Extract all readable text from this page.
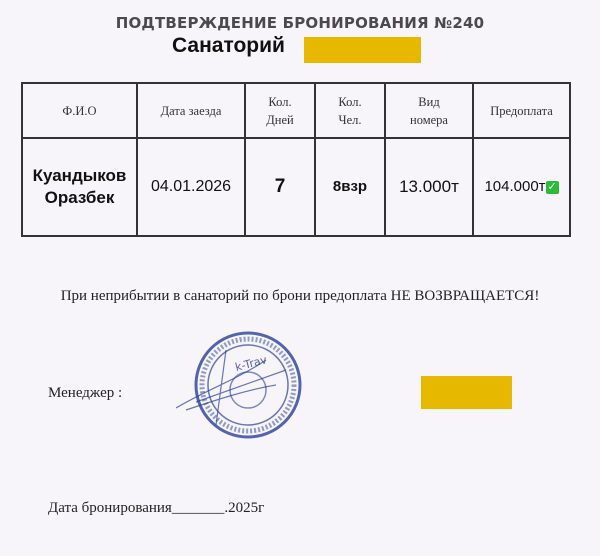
ПОДТВЕРЖДЕНИЕ БРОНИРОВАНИЯ №240
Санаторий
Ф.И.О	Дата заезда	Кол. Дней	Кол. Чел.	Вид номера	Предоплата
Куандыков Оразбек	04.01.2026	7	8взр	13.000т	104.000т ✓
При неприбытии в санаторий по брони предоплата НЕ ВОЗВРАЩАЕТСЯ!
Менеджер :
k-Trav
Дата бронирования_______.2025г
